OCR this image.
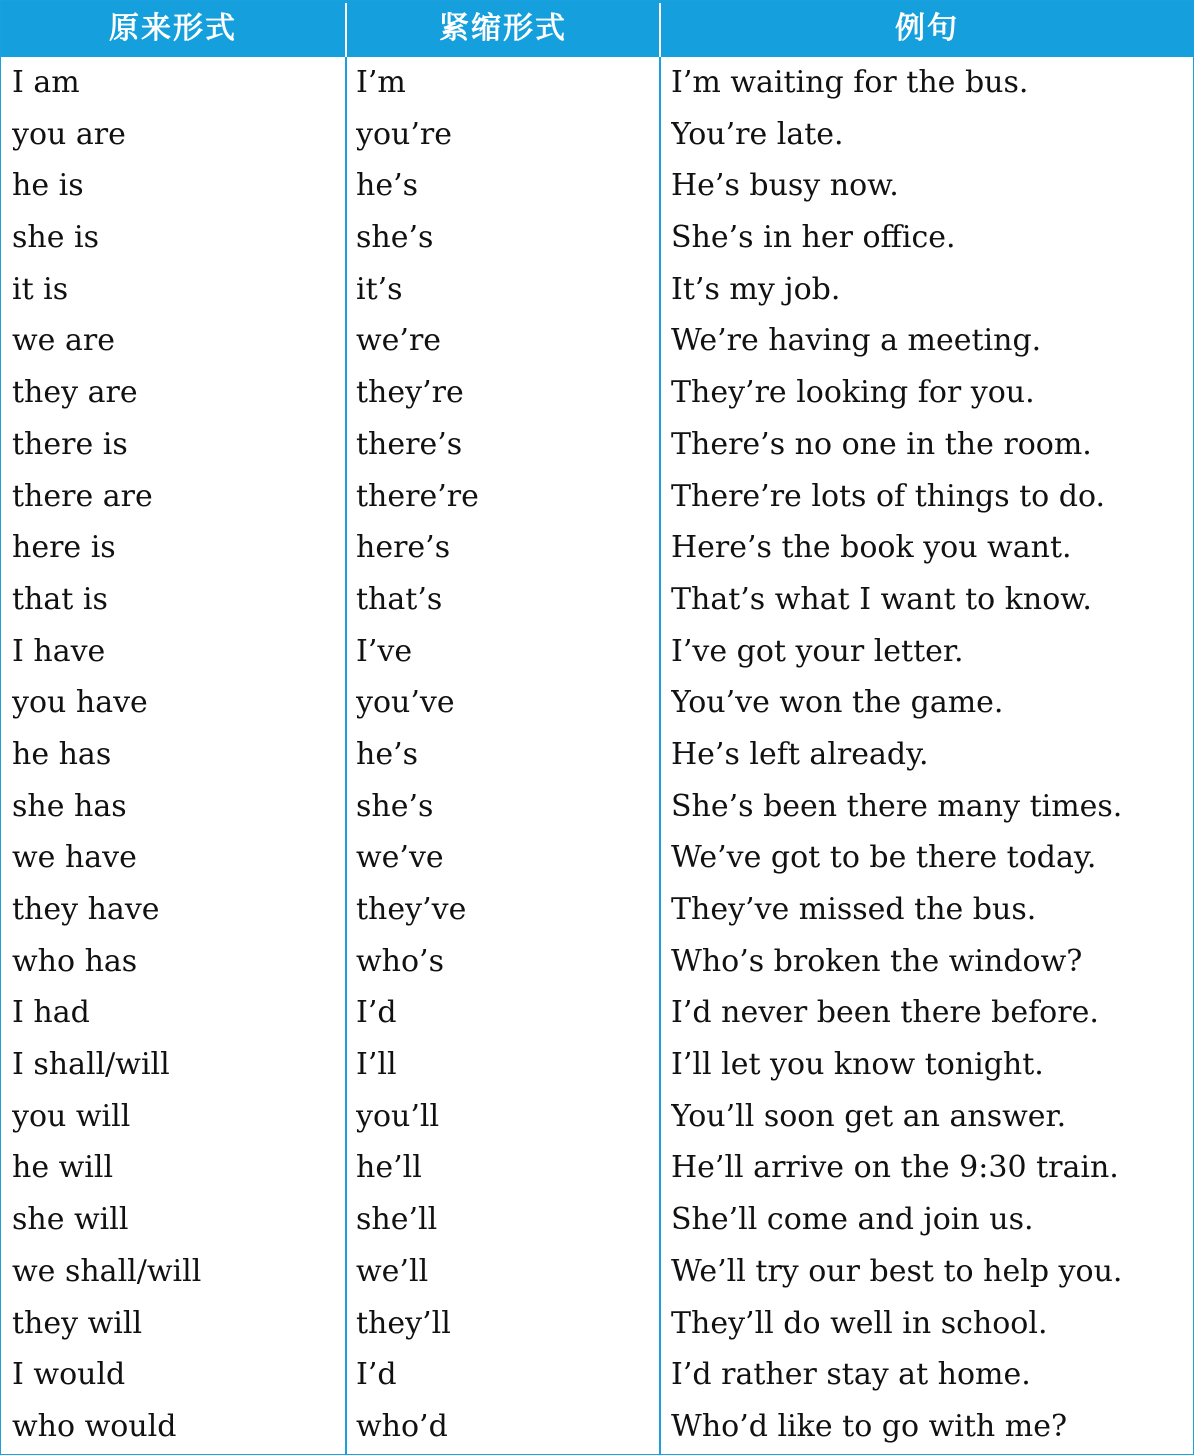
原来形式	紧缩形式	例句
I am	I’m	I’m waiting for the bus.
you are	you’re	You’re late.
he is	he’s	He’s busy now.
she is	she’s	She’s in her office.
it is	it’s	It’s my job.
we are	we’re	We’re having a meeting.
they are	they’re	They’re looking for you.
there is	there’s	There’s no one in the room.
there are	there’re	There’re lots of things to do.
here is	here’s	Here’s the book you want.
that is	that’s	That’s what I want to know.
I have	I’ve	I’ve got your letter.
you have	you’ve	You’ve won the game.
he has	he’s	He’s left already.
she has	she’s	She’s been there many times.
we have	we’ve	We’ve got to be there today.
they have	they’ve	They’ve missed the bus.
who has	who’s	Who’s broken the window?
I had	I’d	I’d never been there before.
I shall/will	I’ll	I’ll let you know tonight.
you will	you’ll	You’ll soon get an answer.
he will	he’ll	He’ll arrive on the 9:30 train.
she will	she’ll	She’ll come and join us.
we shall/will	we’ll	We’ll try our best to help you.
they will	they’ll	They’ll do well in school.
I would	I’d	I’d rather stay at home.
who would	who’d	Who’d like to go with me?
